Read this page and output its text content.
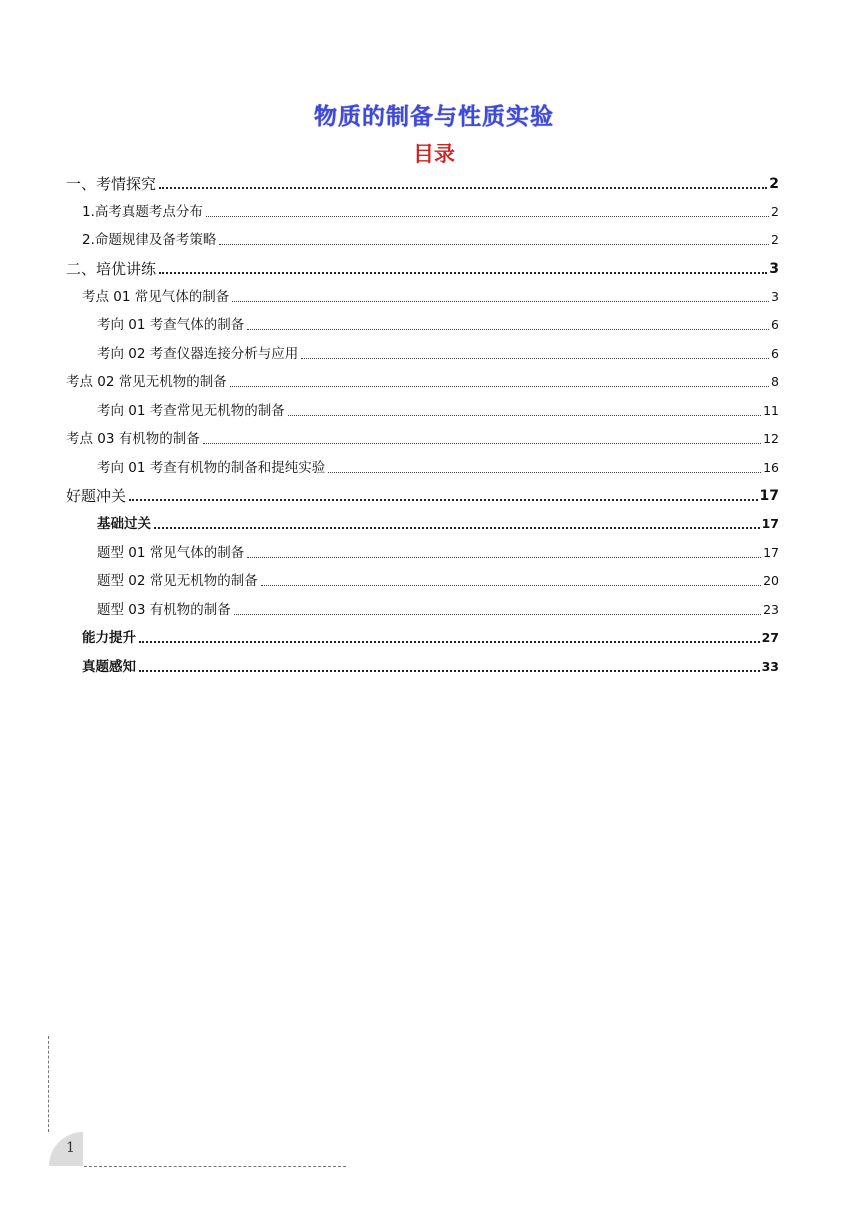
物质的制备与性质实验
目录
一、考情探究	2
1.高考真题考点分布	2
2.命题规律及备考策略	2
二、培优讲练	3
考点 01 常见气体的制备	3
考向 01 考查气体的制备	6
考向 02 考查仪器连接分析与应用	6
考点 02 常见无机物的制备	8
考向 01 考查常见无机物的制备	11
考点 03 有机物的制备	12
考向 01 考查有机物的制备和提纯实验	16
好题冲关	17
基础过关	17
题型 01 常见气体的制备	17
题型 02 常见无机物的制备	20
题型 03 有机物的制备	23
能力提升	27
真题感知	33
1
